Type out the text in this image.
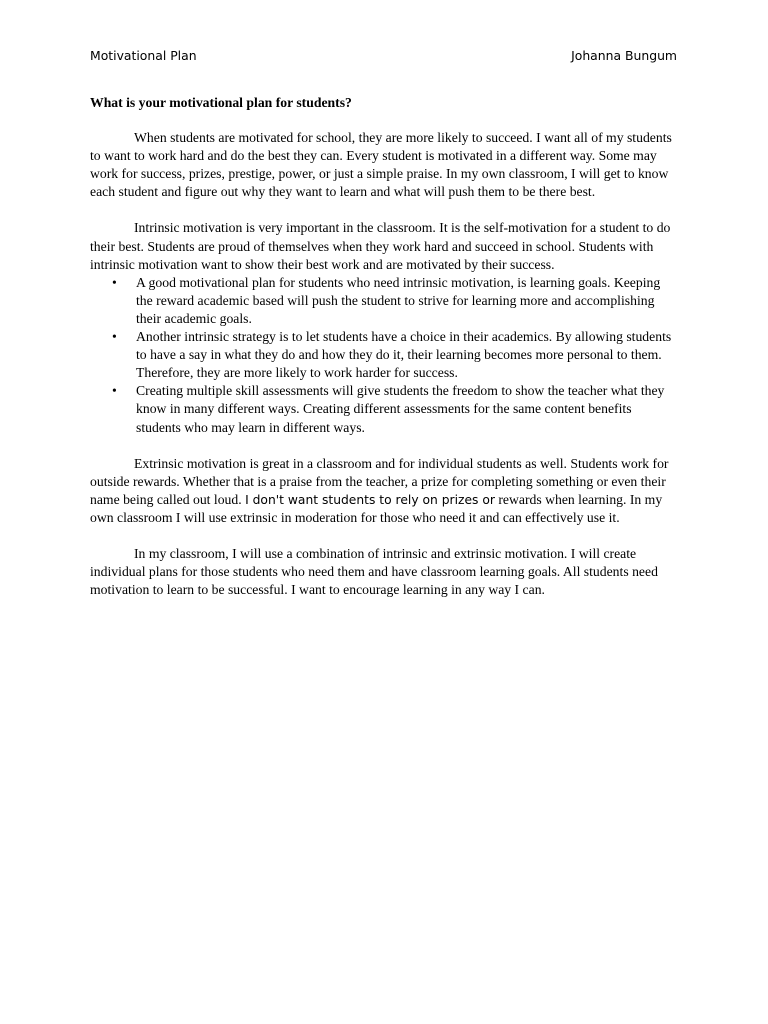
Motivational Plan	Johanna Bungum

What is your motivational plan for students?

When students are motivated for school, they are more likely to succeed. I want all of my students to want to work hard and do the best they can. Every student is motivated in a different way. Some may work for success, prizes, prestige, power, or just a simple praise. In my own classroom, I will get to know each student and figure out why they want to learn and what will push them to be there best.

Intrinsic motivation is very important in the classroom. It is the self-motivation for a student to do their best. Students are proud of themselves when they work hard and succeed in school. Students with intrinsic motivation want to show their best work and are motivated by their success.

• A good motivational plan for students who need intrinsic motivation, is learning goals. Keeping the reward academic based will push the student to strive for learning more and accomplishing their academic goals.
• Another intrinsic strategy is to let students have a choice in their academics. By allowing students to have a say in what they do and how they do it, their learning becomes more personal to them. Therefore, they are more likely to work harder for success.
• Creating multiple skill assessments will give students the freedom to show the teacher what they know in many different ways. Creating different assessments for the same content benefits students who may learn in different ways.

Extrinsic motivation is great in a classroom and for individual students as well. Students work for outside rewards. Whether that is a praise from the teacher, a prize for completing something or even their name being called out loud. I don't want students to rely on prizes or rewards when learning. In my own classroom I will use extrinsic in moderation for those who need it and can effectively use it.

In my classroom, I will use a combination of intrinsic and extrinsic motivation. I will create individual plans for those students who need them and have classroom learning goals. All students need motivation to learn to be successful. I want to encourage learning in any way I can.
